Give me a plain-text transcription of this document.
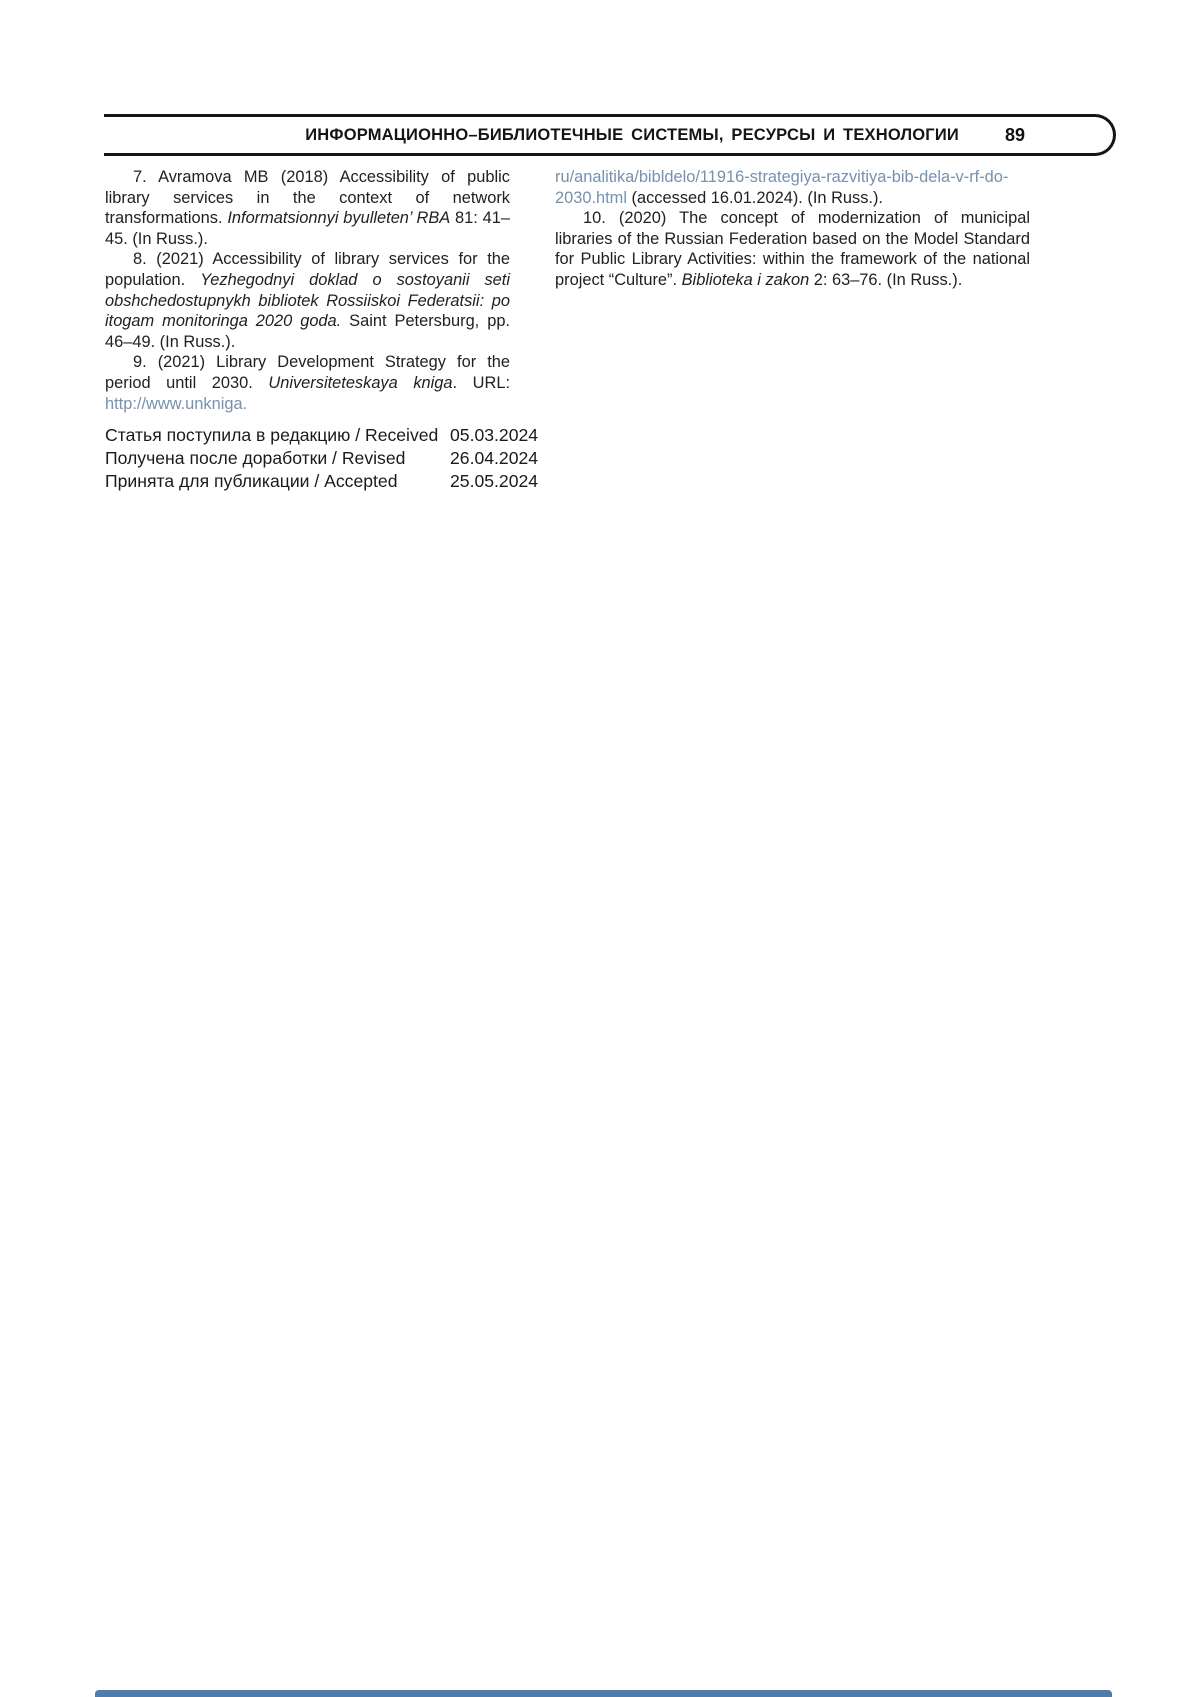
ИНФОРМАЦИОННО–БИБЛИОТЕЧНЫЕ СИСТЕМЫ, РЕСУРСЫ И ТЕХНОЛОГИИ	89

7. Avramova MB (2018) Accessibility of public library services in the context of network transformations. Informatsionnyi byulleten’ RBA 81: 41–45. (In Russ.).

8. (2021) Accessibility of library services for the population. Yezhegodnyi doklad o sostoyanii seti obshchedostupnykh bibliotek Rossiiskoi Federatsii: po itogam monitoringa 2020 goda. Saint Petersburg, pp. 46–49. (In Russ.).

9. (2021) Library Development Strategy for the period until 2030. Universiteteskaya kniga. URL: http://www.unkniga.

ru/analitika/bibldelo/11916-strategiya-razvitiya-bib-dela-v-rf-do-2030.html (accessed 16.01.2024). (In Russ.).

10. (2020) The concept of modernization of municipal libraries of the Russian Federation based on the Model Standard for Public Library Activities: within the framework of the national project “Culture”. Biblioteka i zakon 2: 63–76. (In Russ.).

Статья поступила в редакцию / Received 05.03.2024
Получена после доработки / Revised	26.04.2024
Принята для публикации / Accepted	25.05.2024
